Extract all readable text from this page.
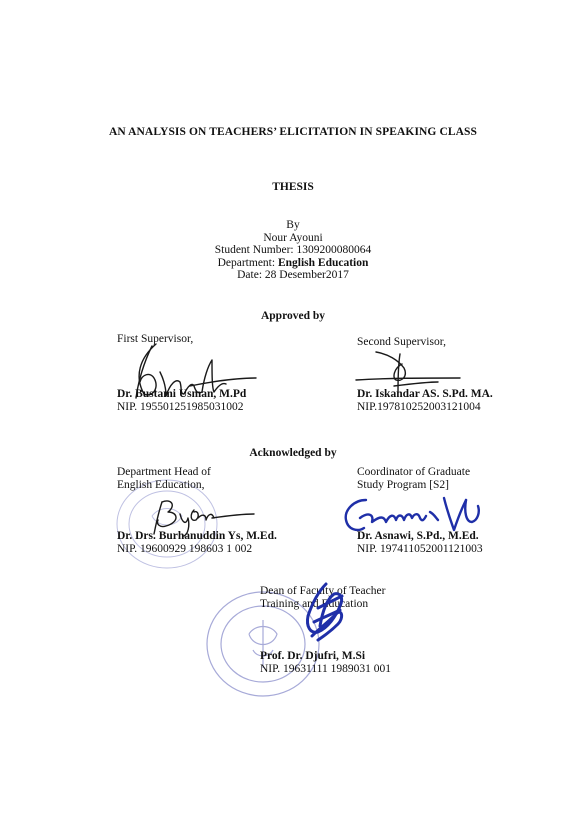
AN ANALYSIS ON TEACHERS’ ELICITATION IN SPEAKING CLASS
THESIS
By
Nour Ayouni
Student Number: 1309200080064
Department: English Education
Date: 28 Desember2017
Approved by
First Supervisor,
Dr. Bustami Usman, M.Pd
NIP. 195501251985031002
Second Supervisor,
Dr. Iskandar AS. S.Pd. MA.
NIP.197810252003121004
Acknowledged by
Department Head of
English Education,
Dr. Drs. Burhanuddin Ys, M.Ed.
NIP. 19600929 198603 1 002
Coordinator of Graduate
Study Program [S2]
Dr. Asnawi, S.Pd., M.Ed.
NIP. 197411052001121003
Dean of Faculty of Teacher
Training and Education
Prof. Dr. Djufri, M.Si
NIP. 19631111 1989031 001
